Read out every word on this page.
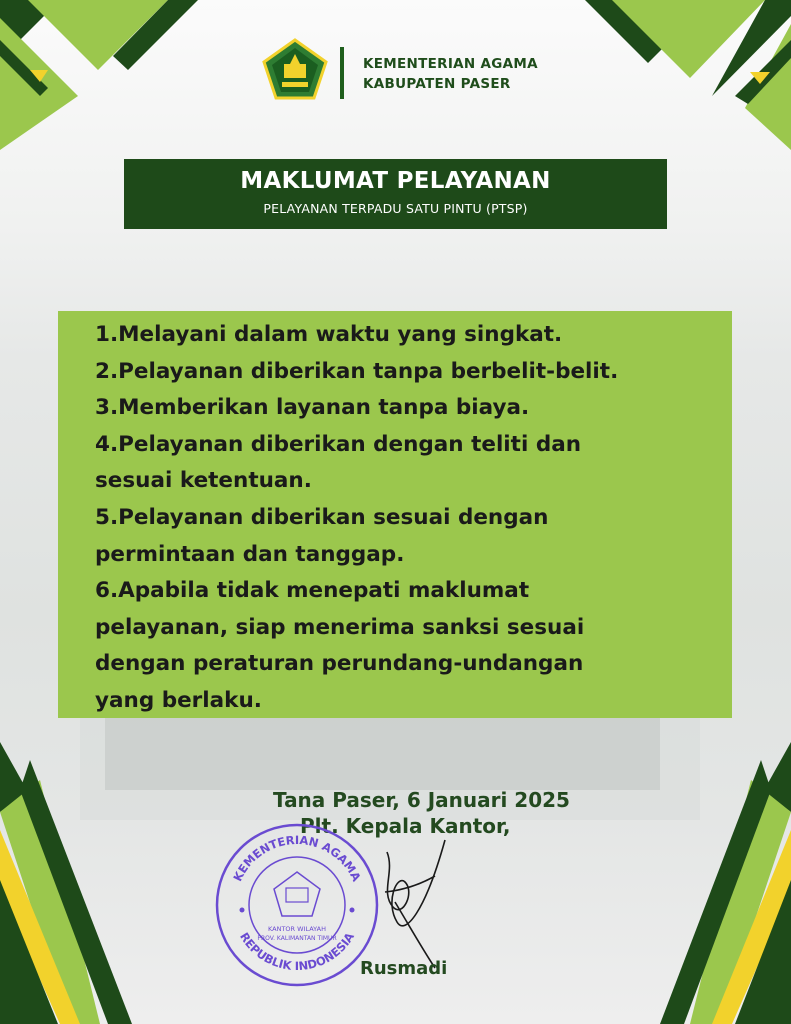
KEMENTERIAN AGAMA
KABUPATEN PASER
MAKLUMAT PELAYANAN
PELAYANAN TERPADU SATU PINTU (PTSP)
1.Melayani dalam waktu yang singkat.
2.Pelayanan diberikan tanpa berbelit-belit.
3.Memberikan layanan tanpa biaya.
4.Pelayanan diberikan dengan teliti dan
sesuai ketentuan.
5.Pelayanan diberikan sesuai dengan
permintaan dan tanggap.
6.Apabila tidak menepati maklumat
pelayanan, siap menerima sanksi sesuai
dengan peraturan perundang-undangan
yang berlaku.
Tana Paser, 6 Januari 2025
Plt. Kepala Kantor,
KEMENTERIAN AGAMA
REPUBLIK INDONESIA
KANTOR WILAYAH
PROV. KALIMANTAN TIMUR
Rusmadi
